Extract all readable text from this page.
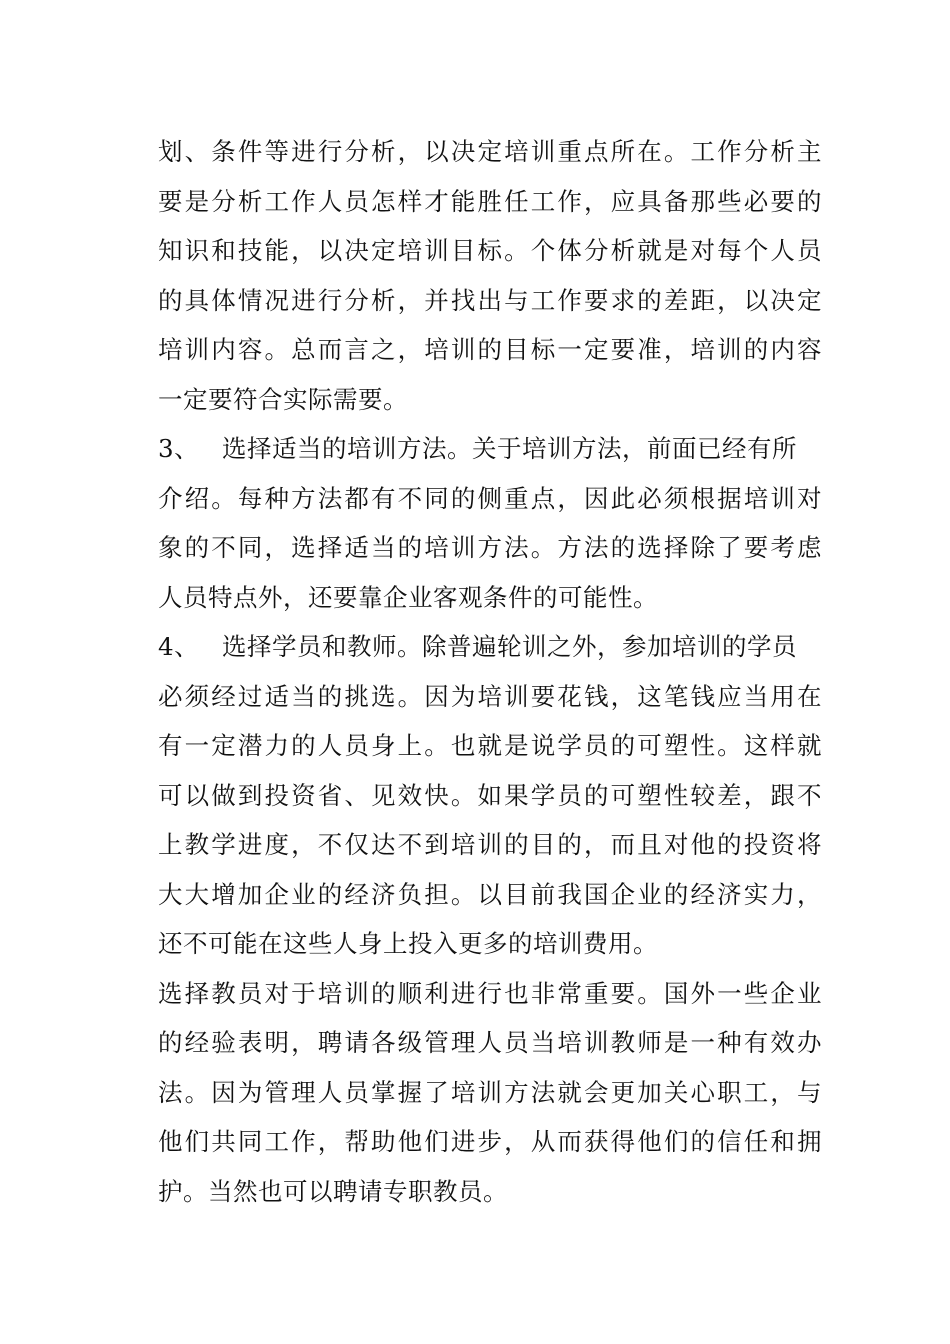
划、条件等进行分析，以决定培训重点所在。工作分析主
要是分析工作人员怎样才能胜任工作，应具备那些必要的
知识和技能，以决定培训目标。个体分析就是对每个人员
的具体情况进行分析，并找出与工作要求的差距，以决定
培训内容。总而言之，培训的目标一定要准，培训的内容
一定要符合实际需要。
3、 选择适当的培训方法。关于培训方法，前面已经有所
介绍。每种方法都有不同的侧重点，因此必须根据培训对
象的不同，选择适当的培训方法。方法的选择除了要考虑
人员特点外，还要靠企业客观条件的可能性。
4、 选择学员和教师。除普遍轮训之外，参加培训的学员
必须经过适当的挑选。因为培训要花钱，这笔钱应当用在
有一定潜力的人员身上。也就是说学员的可塑性。这样就
可以做到投资省、见效快。如果学员的可塑性较差，跟不
上教学进度，不仅达不到培训的目的，而且对他的投资将
大大增加企业的经济负担。以目前我国企业的经济实力，
还不可能在这些人身上投入更多的培训费用。
选择教员对于培训的顺利进行也非常重要。国外一些企业
的经验表明，聘请各级管理人员当培训教师是一种有效办
法。因为管理人员掌握了培训方法就会更加关心职工，与
他们共同工作，帮助他们进步，从而获得他们的信任和拥
护。当然也可以聘请专职教员。
